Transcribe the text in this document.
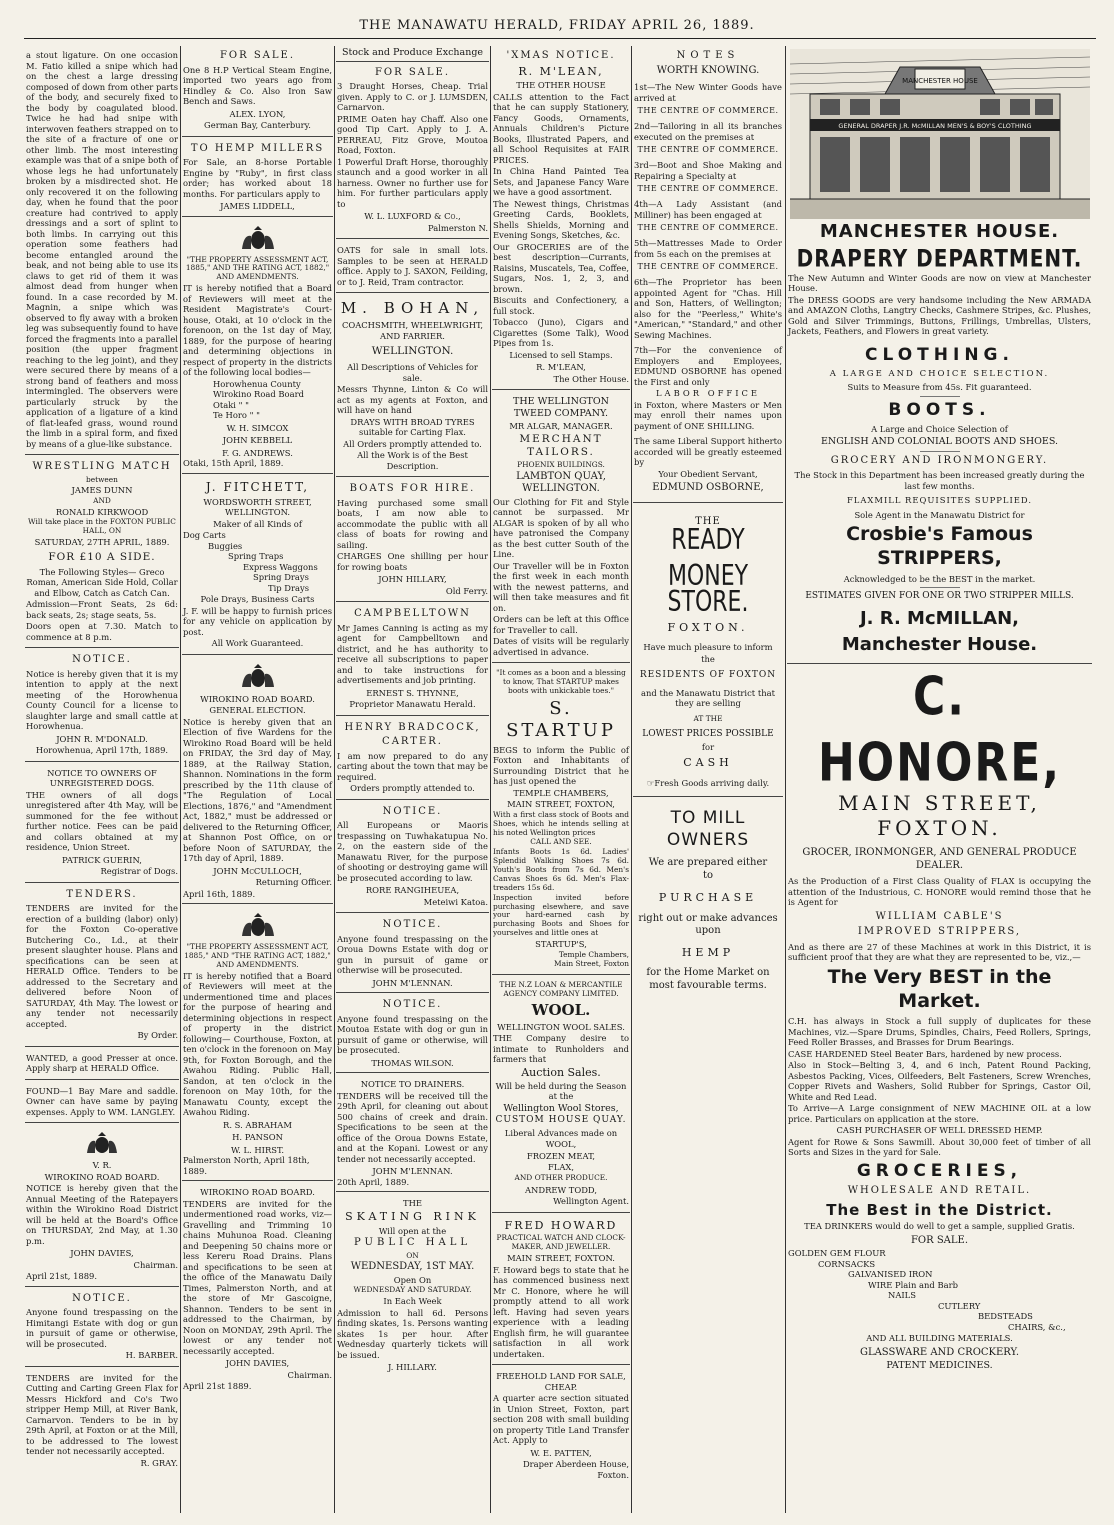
THE MANAWATU HERALD, FRIDAY APRIL 26, 1889.

a stout ligature. On one occasion M. Fatio killed a snipe which had on the chest a large dressing composed of down from other parts of the body, and securely fixed to the body by coagulated blood. Twice he had had snipe with interwoven feathers strapped on to the site of a fracture of one or other limb. The most interesting example was that of a snipe both of whose legs he had unfortunately broken by a misdirected shot. He only recovered it on the following day, when he found that the poor creature had contrived to apply dressings and a sort of splint to both limbs. In carrying out this operation some feathers had become entangled around the beak, and not being able to use its claws to get rid of them it was almost dead from hunger when found. In a case recorded by M. Magnin, a snipe which was observed to fly away with a broken leg was subsequently found to have forced the fragments into a parallel position (the upper fragment reaching to the leg joint), and they were secured there by means of a strong band of feathers and moss intermingled. The observers were particularly struck by the application of a ligature of a kind of flat-leafed grass, wound round the limb in a spiral form, and fixed by means of a glue-like substance.

WRESTLING MATCH
between
JAMES DUNN
AND
RONALD KIRKWOOD
Will take place in the FOXTON PUBLIC HALL, ON
SATURDAY, 27TH APRIL, 1889.
FOR £10 A SIDE.

The Following Styles— Greco Roman, American Side Hold, Collar and Elbow, Catch as Catch Can.

Admission—Front Seats, 2s 6d: back seats, 2s; stage seats, 5s.

Doors open at 7.30. Match to commence at 8 p.m.

NOTICE.

Notice is hereby given that it is my intention to apply at the next meeting of the Horowhenua County Council for a license to slaughter large and small cattle at Horowhenua.

JOHN R. M'DONALD.
Horowhenua, April 17th, 1889.
NOTICE TO OWNERS OF UNREGISTERED DOGS.

THE owners of all dogs unregistered after 4th May, will be summoned for the fee without further notice. Fees can be paid and collars obtained at my residence, Union Street.

PATRICK GUERIN,
Registrar of Dogs.
TENDERS.

TENDERS are invited for the erection of a building (labor) only) for the Foxton Co-operative Butchering Co., Ld., at their present slaughter house. Plans and specifications can be seen at HERALD Office. Tenders to be addressed to the Secretary and delivered before Noon of SATURDAY, 4th May. The lowest or any tender not necessarily accepted.

By Order.

WANTED, a good Presser at once. Apply sharp at HERALD Office.

FOUND—1 Bay Mare and saddle. Owner can have same by paying expenses. Apply to WM. LANGLEY.

V. R.
WIROKINO ROAD BOARD.

NOTICE is hereby given that the Annual Meeting of the Ratepayers within the Wirokino Road District will be held at the Board's Office on THURSDAY, 2nd May, at 1.30 p.m.

JOHN DAVIES,
Chairman.
April 21st, 1889.
NOTICE.

Anyone found trespassing on the Himitangi Estate with dog or gun in pursuit of game or otherwise, will be prosecuted.

H. BARBER.

TENDERS are invited for the Cutting and Carting Green Flax for Messrs Hickford and Co's Two stripper Hemp Mill, at River Bank, Carnarvon. Tenders to be in by 29th April, at Foxton or at the Mill, to be addressed to The lowest tender not necessarily accepted.

R. GRAY.
FOR SALE.

One 8 H.P Vertical Steam Engine, imported two years ago from Hindley & Co. Also Iron Saw Bench and Saws.

ALEX. LYON,
German Bay, Canterbury.
TO HEMP MILLERS

For Sale, an 8-horse Portable Engine by "Ruby", in first class order; has worked about 18 months. For particulars apply to

JAMES LIDDELL,
"THE PROPERTY ASSESSMENT ACT, 1885," AND THE RATING ACT, 1882," AND AMENDMENTS.

IT is hereby notified that a Board of Reviewers will meet at the Resident Magistrate's Court-house, Otaki, at 10 o'clock in the forenoon, on the 1st day of May, 1889, for the purpose of hearing and determining objections in respect of property in the districts of the following local bodies—

Horowhenua County
Wirokino Road Board
Otaki " "
Te Horo " "
W. H. SIMCOX
JOHN KEBBELL
F. G. ANDREWS.
Otaki, 15th April, 1889.
J. FITCHETT,
WORDSWORTH STREET, WELLINGTON.
Maker of all Kinds of
Dog Carts
Buggies
Spring Traps
Express Waggons
Spring Drays
Tip Drays
Pole Drays, Business Carts

J. F. will be happy to furnish prices for any vehicle on application by post.

All Work Guaranteed.
WIROKINO ROAD BOARD.
GENERAL ELECTION.

Notice is hereby given that an Election of five Wardens for the Wirokino Road Board will be held on FRIDAY, the 3rd day of May, 1889, at the Railway Station, Shannon. Nominations in the form prescribed by the 11th clause of "The Regulation of Local Elections, 1876," and "Amendment Act, 1882," must be addressed or delivered to the Returning Officer, at Shannon Post Office, on or before Noon of SATURDAY, the 17th day of April, 1889.

JOHN McCULLOCH,
Returning Officer.
April 16th, 1889.
"THE PROPERTY ASSESSMENT ACT, 1885," AND "THE RATING ACT, 1882," AND AMENDMENTS.

IT is hereby notified that a Board of Reviewers will meet at the undermentioned time and places for the purpose of hearing and determining objections in respect of property in the district following— Courthouse, Foxton, at ten o'clock in the forenoon on May 9th, for Foxton Borough, and the Awahou Riding. Public Hall, Sandon, at ten o'clock in the forenoon on May 10th, for the Manawatu County, except the Awahou Riding.

R. S. ABRAHAM
H. PANSON
W. L. HIRST.
Palmerston North, April 18th, 1889.
WIROKINO ROAD BOARD.

TENDERS are invited for the undermentioned road works, viz— Gravelling and Trimming 10 chains Muhunoa Road. Cleaning and Deepening 50 chains more or less Kereru Road Drains. Plans and specifications to be seen at the office of the Manawatu Daily Times, Palmerston North, and at the store of Mr Gascoigne, Shannon. Tenders to be sent in addressed to the Chairman, by Noon on MONDAY, 29th April. The lowest or any tender not necessarily accepted.

JOHN DAVIES,
Chairman.
April 21st 1889.
Stock and Produce Exchange
FOR SALE.

3 Draught Horses, Cheap. Trial given. Apply to C. or J. LUMSDEN, Carnarvon.

PRIME Oaten hay Chaff. Also one good Tip Cart. Apply to J. A. PERREAU, Fitz Grove, Moutoa Road, Foxton.

1 Powerful Draft Horse, thoroughly staunch and a good worker in all harness. Owner no further use for him. For further particulars apply to

W. L. LUXFORD & Co.,
Palmerston N.

OATS for sale in small lots. Samples to be seen at HERALD office. Apply to J. SAXON, Feilding, or to J. Reid, Tram contractor.

M. BOHAN,
COACHSMITH, WHEELWRIGHT, AND FARRIER.
WELLINGTON.
All Descriptions of Vehicles for sale.

Messrs Thynne, Linton & Co will act as my agents at Foxton, and will have on hand

DRAYS WITH BROAD TYRES suitable for Carting Flax.
All Orders promptly attended to.
All the Work is of the Best Description.
BOATS FOR HIRE.

Having purchased some small boats, I am now able to accommodate the public with all class of boats for rowing and sailing.

CHARGES One shilling per hour for rowing boats

JOHN HILLARY,
Old Ferry.
CAMPBELLTOWN

Mr James Canning is acting as my agent for Campbelltown and district, and he has authority to receive all subscriptions to paper and to take instructions for advertisements and job printing.

ERNEST S. THYNNE,
Proprietor Manawatu Herald.
HENRY BRADCOCK,
CARTER.

I am now prepared to do any carting about the town that may be required.

Orders promptly attended to.
NOTICE.

All Europeans or Maoris trespassing on Tuwhakatupua No. 2, on the eastern side of the Manawatu River, for the purpose of shooting or destroying game will be prosecuted according to law.

RORE RANGIHEUEA,
Meteiwi Katoa.
NOTICE.

Anyone found trespassing on the Oroua Downs Estate with dog or gun in pursuit of game or otherwise will be prosecuted.

JOHN M'LENNAN.
NOTICE.

Anyone found trespassing on the Moutoa Estate with dog or gun in pursuit of game or otherwise, will be prosecuted.

THOMAS WILSON.
NOTICE TO DRAINERS.

TENDERS will be received till the 29th April, for cleaning out about 500 chains of creek and drain. Specifications to be seen at the office of the Oroua Downs Estate, and at the Kopani. Lowest or any tender not necessarily accepted.

JOHN M'LENNAN.
20th April, 1889.
THE
SKATING RINK
Will open at the
PUBLIC HALL
ON
WEDNESDAY, 1ST MAY.
Open On
WEDNESDAY AND SATURDAY.
In Each Week

Admission to hall 6d. Persons finding skates, 1s. Persons wanting skates 1s per hour. After Wednesday quarterly tickets will be issued.

J. HILLARY.
'XMAS NOTICE.
R. M'LEAN,
THE OTHER HOUSE

CALLS attention to the Fact that he can supply Stationery, Fancy Goods, Ornaments, Annuals Children's Picture Books, Illustrated Papers, and all School Requisites at FAIR PRICES.

In China Hand Painted Tea Sets, and Japanese Fancy Ware we have a good assortment.

The Newest things, Christmas Greeting Cards, Booklets, Shells Shields, Morning and Evening Songs, Sketches, &c.

Our GROCERIES are of the best description—Currants, Raisins, Muscatels, Tea, Coffee, Sugars, Nos. 1, 2, 3, and brown.

Biscuits and Confectionery, a full stock.

Tobacco (Juno), Cigars and Cigarettes (Some Talk), Wood Pipes from 1s.

Licensed to sell Stamps.
R. M'LEAN,
The Other House.
THE WELLINGTON TWEED COMPANY.
MR ALGAR, MANAGER.
MERCHANT TAILORS.
PHOENIX BUILDINGS.
LAMBTON QUAY, WELLINGTON.

Our Clothing for Fit and Style cannot be surpassed. Mr ALGAR is spoken of by all who have patronised the Company as the best cutter South of the Line.

Our Traveller will be in Foxton the first week in each month with the newest patterns, and will then take measures and fit on.

Orders can be left at this Office for Traveller to call.

Dates of visits will be regularly advertised in advance.

"It comes as a boon and a blessing to know, That STARTUP makes boots with unkickable toes."
S. STARTUP

BEGS to inform the Public of Foxton and Inhabitants of Surrounding District that he has just opened the

TEMPLE CHAMBERS,
MAIN STREET, FOXTON,

With a first class stock of Boots and Shoes, which he intends selling at his noted Wellington prices

CALL AND SEE.

Infants Boots 1s 6d. Ladies' Splendid Walking Shoes 7s 6d. Youth's Boots from 7s 6d. Men's Canvas Shoes 6s 6d. Men's Flax-treaders 15s 6d.

Inspection invited before purchasing elsewhere, and save your hard-earned cash by purchasing Boots and Shoes for yourselves and little ones at

STARTUP'S,
Temple Chambers,
Main Street, Foxton
THE N.Z LOAN & MERCANTILE AGENCY COMPANY LIMITED.
WOOL.
WELLINGTON WOOL SALES.

THE Company desire to intimate to Runholders and farmers that

Auction Sales.
Will be held during the Season at the
Wellington Wool Stores,
CUSTOM HOUSE QUAY.
Liberal Advances made on
WOOL,
FROZEN MEAT,
FLAX,
AND OTHER PRODUCE.
ANDREW TODD,
Wellington Agent.
FRED HOWARD
PRACTICAL WATCH AND CLOCK-MAKER, AND JEWELLER.
MAIN STREET, FOXTON.

F. Howard begs to state that he has commenced business next Mr C. Honore, where he will promptly attend to all work left. Having had seven years experience with a leading English firm, he will guarantee satisfaction in all work undertaken.

FREEHOLD LAND FOR SALE, CHEAP.

A quarter acre section situated in Union Street, Foxton, part section 208 with small building on property Title Land Transfer Act. Apply to

W. E. PATTEN,
Draper Aberdeen House, Foxton.
NOTES
WORTH KNOWING.

1st—The New Winter Goods have arrived at

THE CENTRE OF COMMERCE.

2nd—Tailoring in all its branches executed on the premises at

THE CENTRE OF COMMERCE.

3rd—Boot and Shoe Making and Repairing a Specialty at

THE CENTRE OF COMMERCE.

4th—A Lady Assistant (and Milliner) has been engaged at

THE CENTRE OF COMMERCE.

5th—Mattresses Made to Order from 5s each on the premises at

THE CENTRE OF COMMERCE.

6th—The Proprietor has been appointed Agent for "Chas. Hill and Son, Hatters, of Wellington; also for the "Peerless," White's "American," "Standard," and other Sewing Machines.

7th—For the convenience of Employers and Employees, EDMUND OSBORNE has opened the First and only

LABOR OFFICE

in Foxton, where Masters or Men may enroll their names upon payment of ONE SHILLING.

The same Liberal Support hitherto accorded will be greatly esteemed by

Your Obedient Servant,
EDMUND OSBORNE,
THE
READY MONEY
STORE.
FOXTON.
Have much pleasure to inform
the
RESIDENTS OF FOXTON
and the Manawatu District that they are selling
AT THE
LOWEST PRICES POSSIBLE
for
CASH
☞Fresh Goods arriving daily.
TO MILL OWNERS
We are prepared either
to
PURCHASE
right out or make advances upon
HEMP
for the Home Market on most favourable terms.
MANCHESTER HOUSE
GENERAL DRAPER J.R. McMILLAN MEN'S & BOY'S CLOTHING
MANCHESTER HOUSE.
DRAPERY DEPARTMENT.

The New Autumn and Winter Goods are now on view at Manchester House.

The DRESS GOODS are very handsome including the New ARMADA and AMAZON Cloths, Langtry Checks, Cashmere Stripes, &c. Plushes, Gold and Silver Trimmings, Buttons, Frillings, Umbrellas, Ulsters, Jackets, Feathers, and Flowers in great variety.

CLOTHING.
A LARGE AND CHOICE SELECTION.
Suits to Measure from 45s. Fit guaranteed.
BOOTS.
A Large and Choice Selection of
ENGLISH AND COLONIAL BOOTS AND SHOES.
GROCERY AND IRONMONGERY.
The Stock in this Department has been increased greatly during the last few months.
FLAXMILL REQUISITES SUPPLIED.
Sole Agent in the Manawatu District for
Crosbie's Famous STRIPPERS,
Acknowledged to be the BEST in the market.
ESTIMATES GIVEN FOR ONE OR TWO STRIPPER MILLS.
J. R. McMILLAN,
Manchester House.
C. HONORE,
MAIN STREET, FOXTON.
GROCER, IRONMONGER, AND GENERAL PRODUCE DEALER.

As the Production of a First Class Quality of FLAX is occupying the attention of the Industrious, C. HONORE would remind those that he is Agent for

WILLIAM CABLE'S
IMPROVED STRIPPERS,

And as there are 27 of these Machines at work in this District, it is sufficient proof that they are what they are represented to be, viz.,—

The Very BEST in the Market.

C.H. has always in Stock a full supply of duplicates for these Machines, viz.—Spare Drums, Spindles, Chairs, Feed Rollers, Springs, Feed Roller Brasses, and Brasses for Drum Bearings.

CASE HARDENED Steel Beater Bars, hardened by new process.

Also in Stock—Belting 3, 4, and 6 inch, Patent Round Packing, Asbestos Packing, Vices, Oilfeeders, Belt Fasteners, Screw Wrenches, Copper Rivets and Washers, Solid Rubber for Springs, Castor Oil, White and Red Lead.

To Arrive—A Large consignment of NEW MACHINE OIL at a low price. Particulars on application at the store.

CASH PURCHASER OF WELL DRESSED HEMP.

Agent for Rowe & Sons Sawmill. About 30,000 feet of timber of all Sorts and Sizes in the yard for Sale.

GROCERIES,
WHOLESALE AND RETAIL.
The Best in the District.
TEA DRINKERS would do well to get a sample, supplied Gratis.
FOR SALE.
GOLDEN GEM FLOUR
CORNSACKS
GALVANISED IRON
WIRE Plain and Barb
NAILS
CUTLERY
BEDSTEADS
CHAIRS, &c.,
AND ALL BUILDING MATERIALS.
GLASSWARE AND CROCKERY.
PATENT MEDICINES.
